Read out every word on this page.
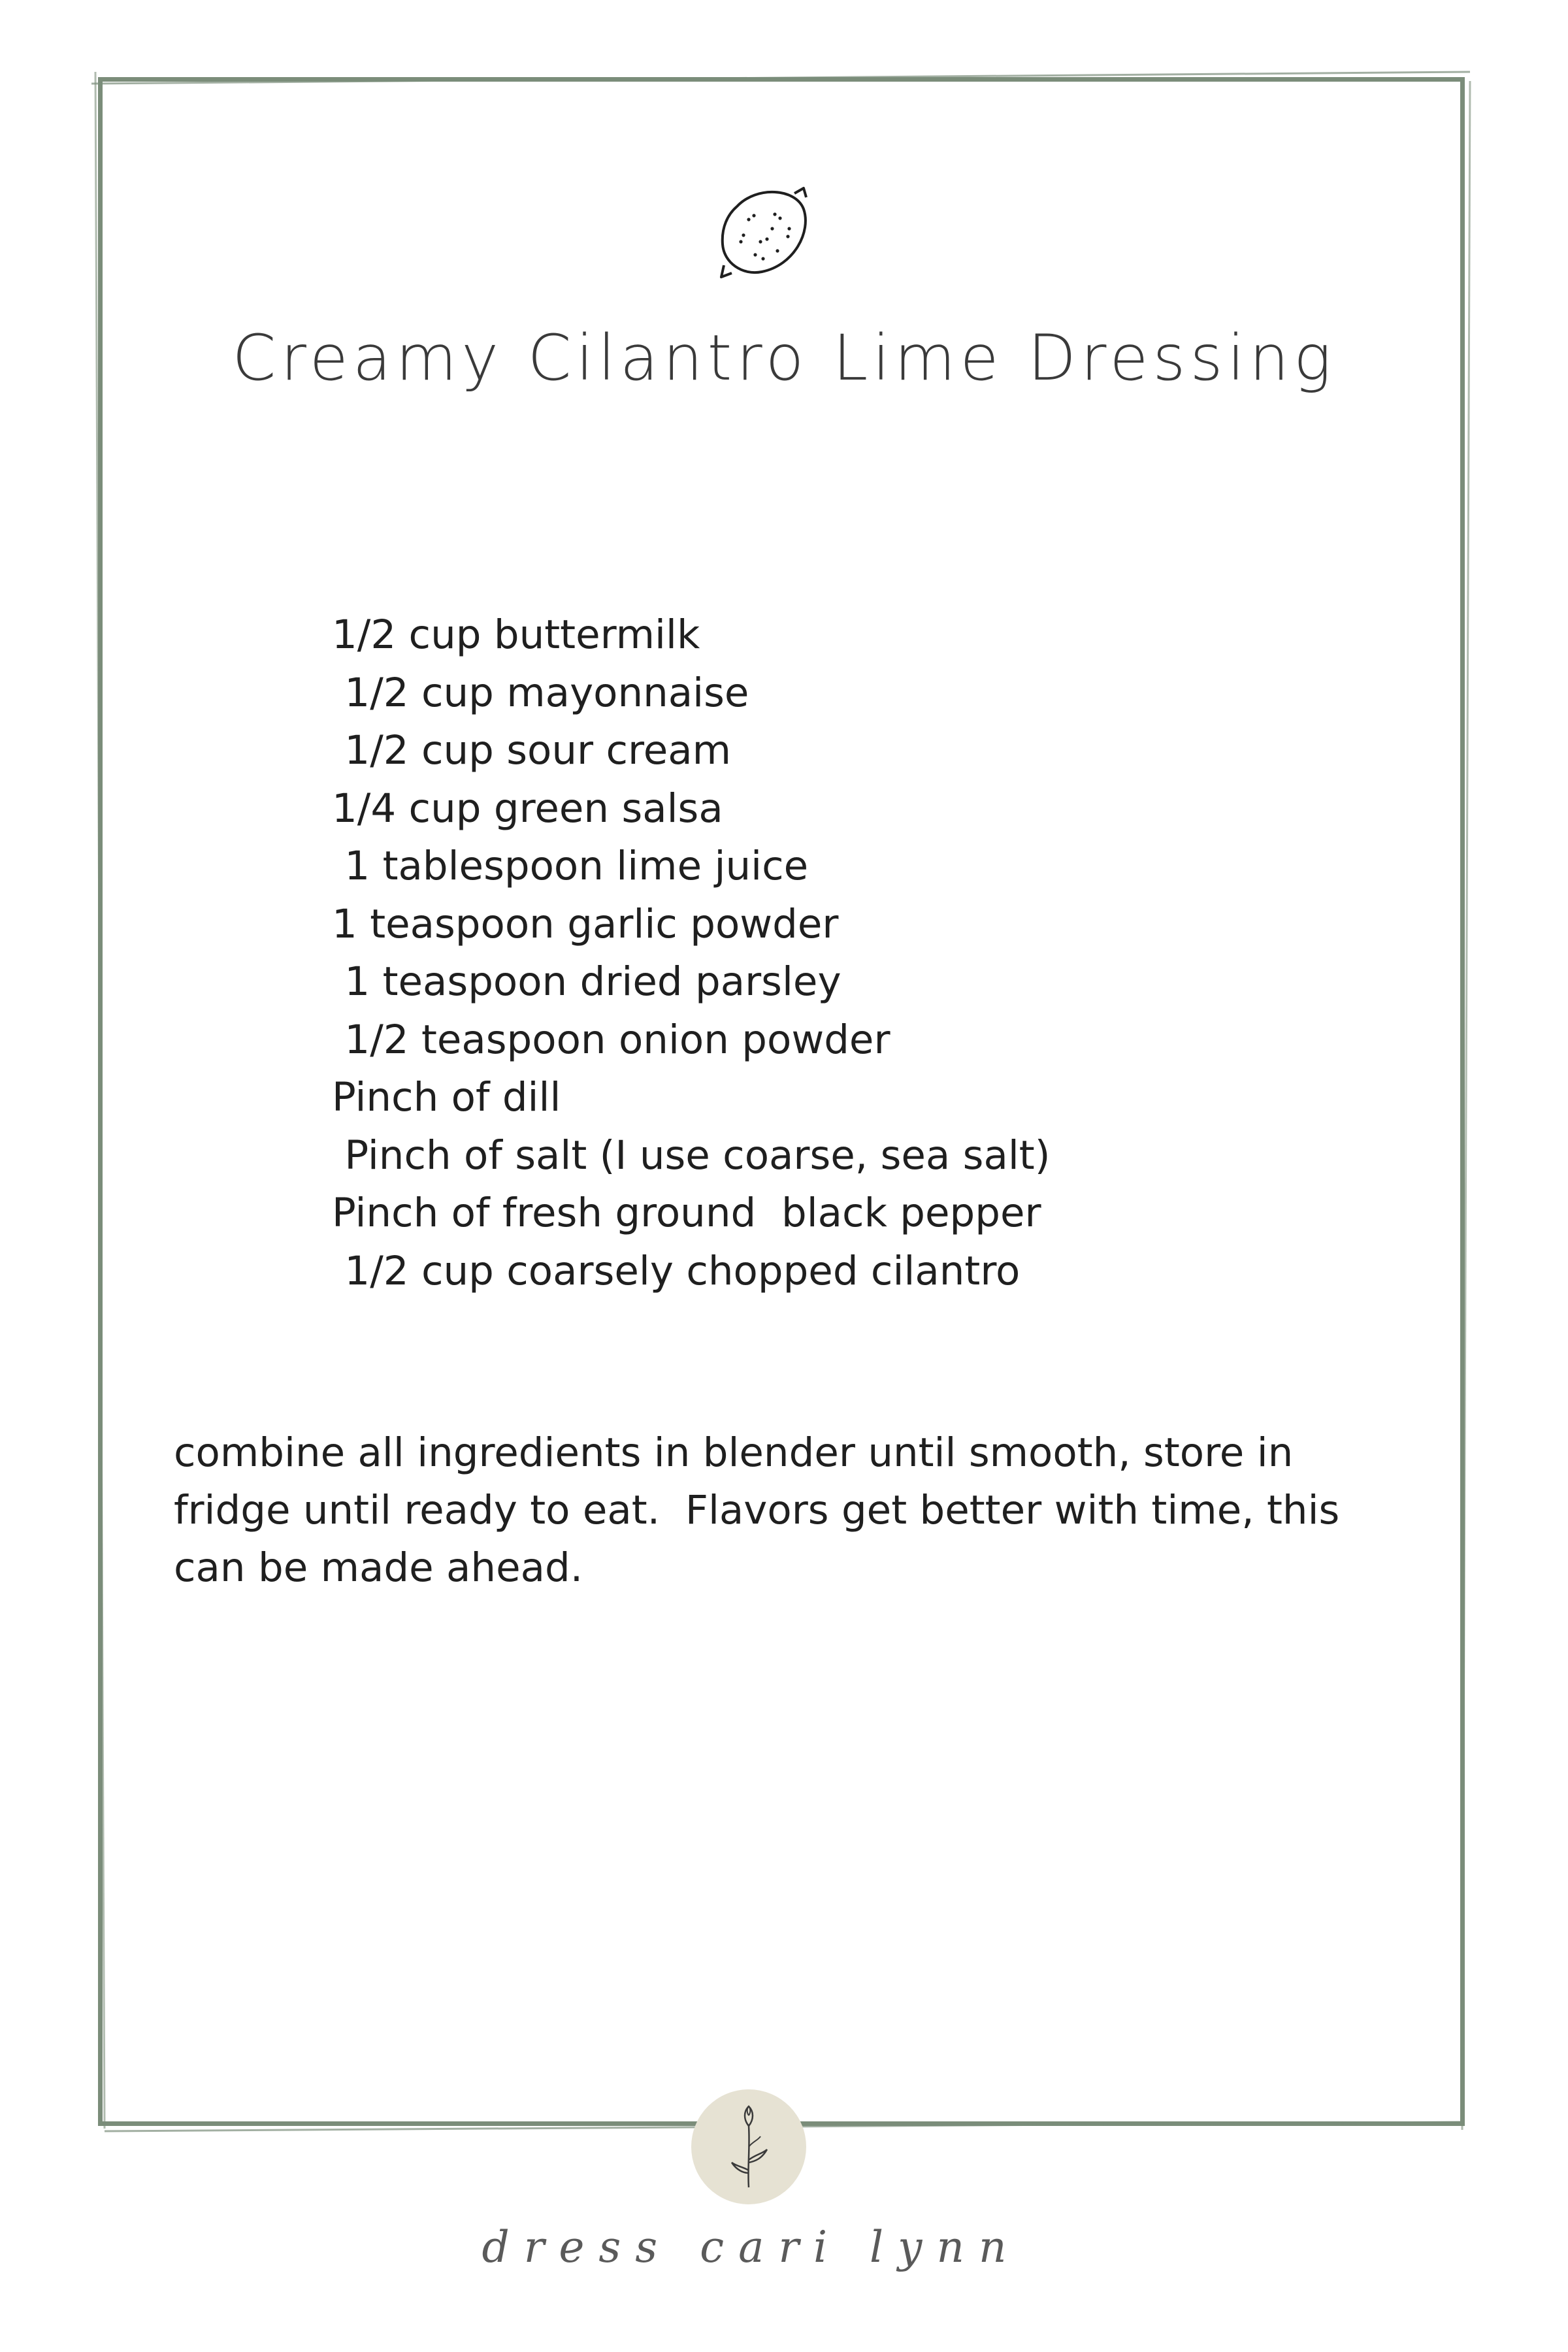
Creamy Cilantro Lime Dressing
1/2 cup buttermilk
1/2 cup mayonnaise
1/2 cup sour cream
1/4 cup green salsa
1 tablespoon lime juice
1 teaspoon garlic powder
1 teaspoon dried parsley
1/2 teaspoon onion powder
Pinch of dill
Pinch of salt (I use coarse, sea salt)
Pinch of fresh ground  black pepper
1/2 cup coarsely chopped cilantro
combine all ingredients in blender until smooth, store in
fridge until ready to eat.  Flavors get better with time, this
can be made ahead.
dress cari lynn
